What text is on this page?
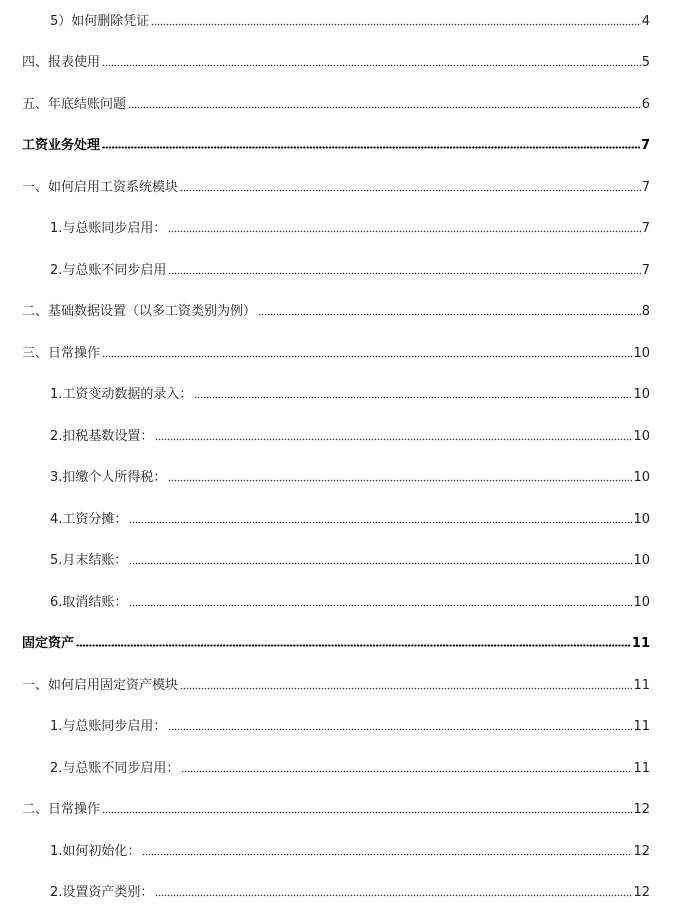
5）如何删除凭证	4
四、报表使用	5
五、年底结账问题	6
工资业务处理	7
一、如何启用工资系统模块	7
1.与总账同步启用：	7
2.与总账不同步启用	7
二、基础数据设置（以多工资类别为例）	8
三、日常操作	10
1.工资变动数据的录入：	10
2.扣税基数设置：	10
3.扣缴个人所得税：	10
4.工资分摊：	10
5.月末结账：	10
6.取消结账：	10
固定资产	11
一、如何启用固定资产模块	11
1.与总账同步启用：	11
2.与总账不同步启用：	11
二、日常操作	12
1.如何初始化：	12
2.设置资产类别：	12
